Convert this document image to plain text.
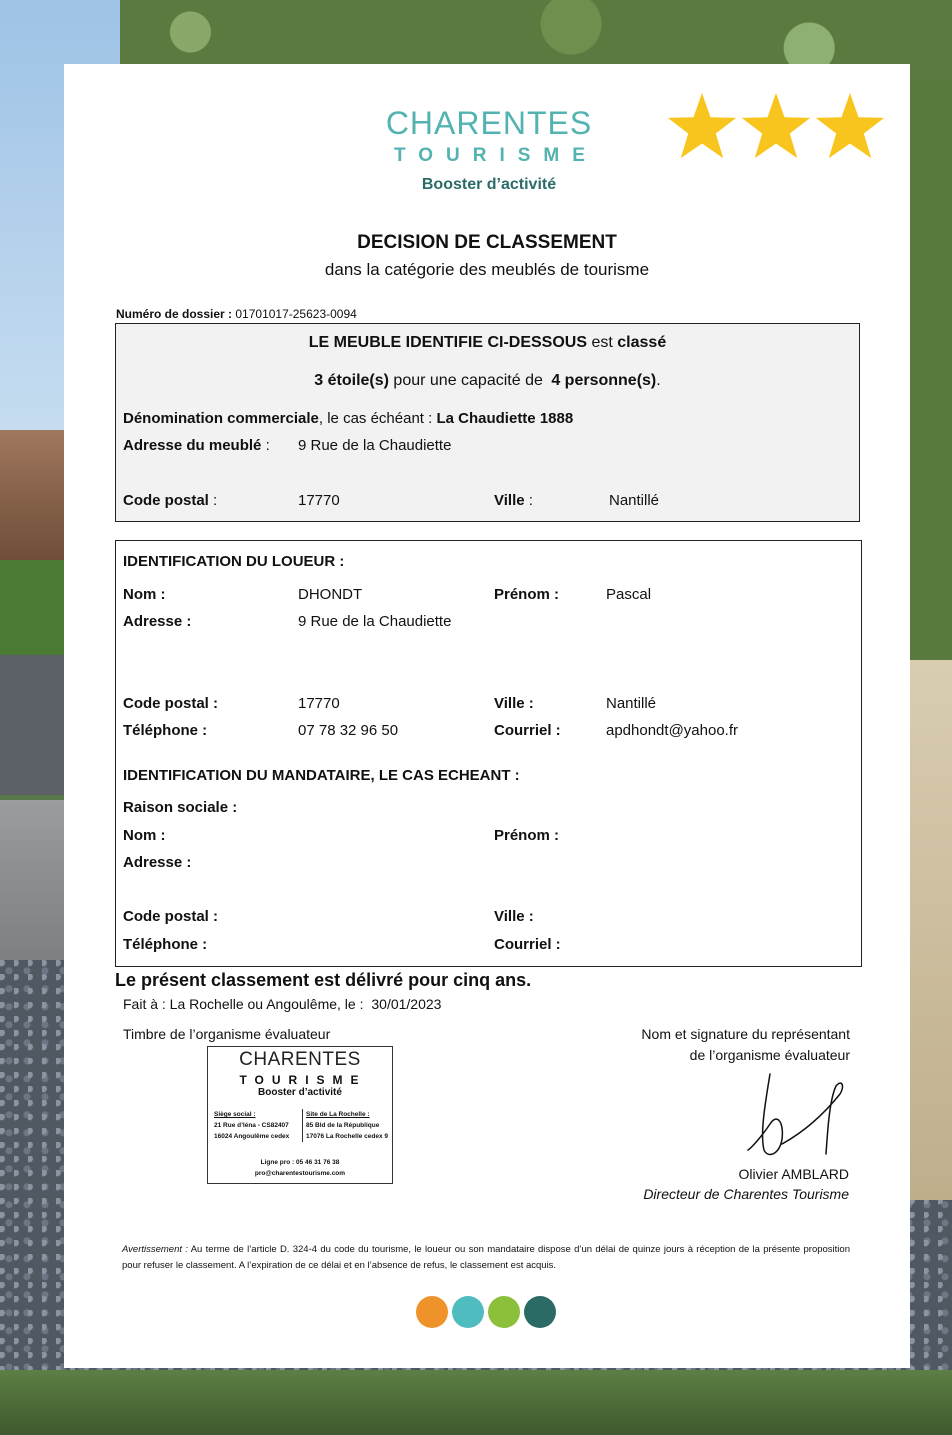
CHARENTES
TOURISME
Booster d’activité
DECISION DE CLASSEMENT
dans la catégorie des meublés de tourisme
Numéro de dossier : 01701017-25623-0094
LE MEUBLE IDENTIFIE CI-DESSOUS est classé
3 étoile(s) pour une capacité de 4 personne(s).
Dénomination commerciale, le cas échéant : La Chaudiette 1888
Adresse du meublé : 9 Rue de la Chaudiette
Code postal :	17770	Ville :	Nantillé
IDENTIFICATION DU LOUEUR :
Nom :	DHONDT	Prénom :	Pascal
Adresse :	9 Rue de la Chaudiette
Code postal :	17770	Ville :	Nantillé
Téléphone :	07 78 32 96 50	Courriel :	apdhondt@yahoo.fr
IDENTIFICATION DU MANDATAIRE, LE CAS ECHEANT :
Raison sociale :
Nom :	Prénom :
Adresse :
Code postal :	Ville :
Téléphone :	Courriel :
Le présent classement est délivré pour cinq ans.
Fait à : La Rochelle ou Angoulême, le : 30/01/2023
Timbre de l’organisme évaluateur
CHARENTES
TOURISME
Booster d’activité
Siège social :
21 Rue d’Iéna - CS82407
16024 Angoulême cedex
Site de La Rochelle :
85 Bld de la République
17076 La Rochelle cedex 9
Ligne pro : 05 46 31 76 38
pro@charentestourisme.com
Nom et signature du représentant
de l’organisme évaluateur
Olivier AMBLARD
Directeur de Charentes Tourisme
Avertissement : Au terme de l’article D. 324-4 du code du tourisme, le loueur ou son mandataire dispose d’un délai de quinze jours à réception de la présente proposition pour refuser le classement. A l’expiration de ce délai et en l’absence de refus, le classement est acquis.
